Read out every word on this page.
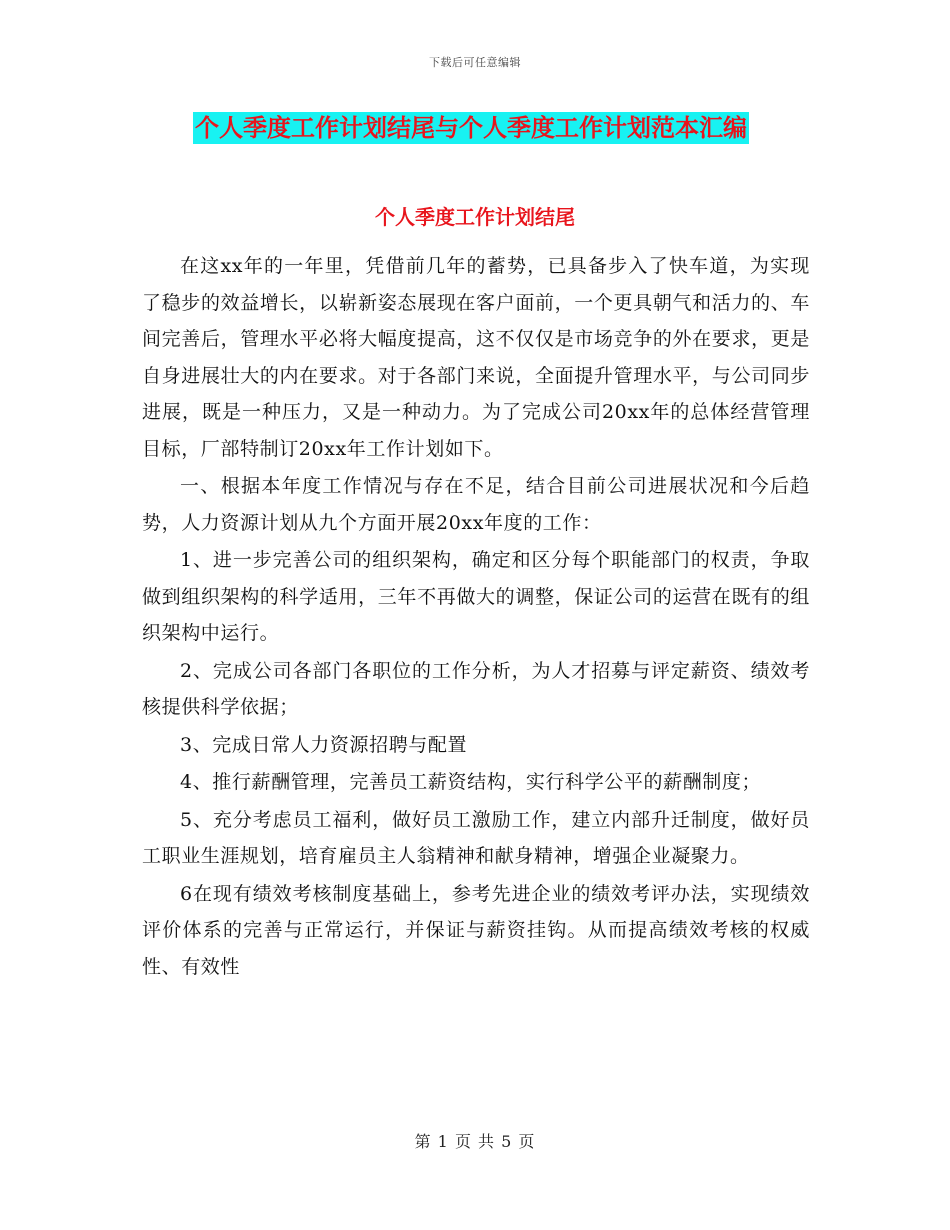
下载后可任意编辑
个人季度工作计划结尾与个人季度工作计划范本汇编
个人季度工作计划结尾

在这xx年的一年里，凭借前几年的蓄势，已具备步入了快车道，为实现了稳步的效益增长，以崭新姿态展现在客户面前，一个更具朝气和活力的、车间完善后，管理水平必将大幅度提高，这不仅仅是市场竞争的外在要求，更是自身进展壮大的内在要求。对于各部门来说，全面提升管理水平，与公司同步进展，既是一种压力，又是一种动力。为了完成公司20xx年的总体经营管理目标，厂部特制订20xx年工作计划如下。

一、根据本年度工作情况与存在不足，结合目前公司进展状况和今后趋势，人力资源计划从九个方面开展20xx年度的工作：

1、进一步完善公司的组织架构，确定和区分每个职能部门的权责，争取做到组织架构的科学适用，三年不再做大的调整，保证公司的运营在既有的组织架构中运行。

2、完成公司各部门各职位的工作分析，为人才招募与评定薪资、绩效考核提供科学依据；

3、完成日常人力资源招聘与配置

4、推行薪酬管理，完善员工薪资结构，实行科学公平的薪酬制度；

5、充分考虑员工福利，做好员工激励工作，建立内部升迁制度，做好员工职业生涯规划，培育雇员主人翁精神和献身精神，增强企业凝聚力。

6在现有绩效考核制度基础上，参考先进企业的绩效考评办法，实现绩效评价体系的完善与正常运行，并保证与薪资挂钩。从而提高绩效考核的权威性、有效性

第 1 页 共 5 页
